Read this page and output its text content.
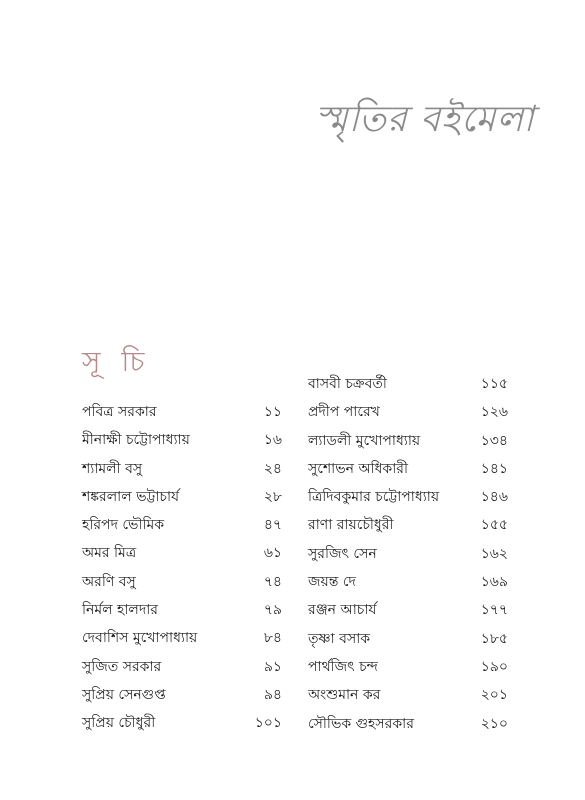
স্মৃতির বইমেলা
সূ চি
পবিত্র সরকার	১১
মীনাক্ষী চট্টোপাধ্যায়	১৬
শ্যামলী বসু	২৪
শঙ্করলাল ভট্টাচার্য	২৮
হরিপদ ভৌমিক	৪৭
অমর মিত্র	৬১
অরণি বসু	৭৪
নির্মল হালদার	৭৯
দেবাশিস মুখোপাধ্যায়	৮৪
সুজিত সরকার	৯১
সুপ্রিয় সেনগুপ্ত	৯৪
সুপ্রিয় চৌধুরী	১০১
বাসবী চক্রবর্তী	১১৫
প্রদীপ পারেখ	১২৬
ল্যাডলী মুখোপাধ্যায়	১৩৪
সুশোভন অধিকারী	১৪১
ত্রিদিবকুমার চট্টোপাধ্যায়	১৪৬
রাণা রায়চৌধুরী	১৫৫
সুরজিৎ সেন	১৬২
জয়ন্ত দে	১৬৯
রঞ্জন আচার্য	১৭৭
তৃষ্ণা বসাক	১৮৫
পার্থজিৎ চন্দ	১৯০
অংশুমান কর	২০১
সৌভিক গুহসরকার	২১০
